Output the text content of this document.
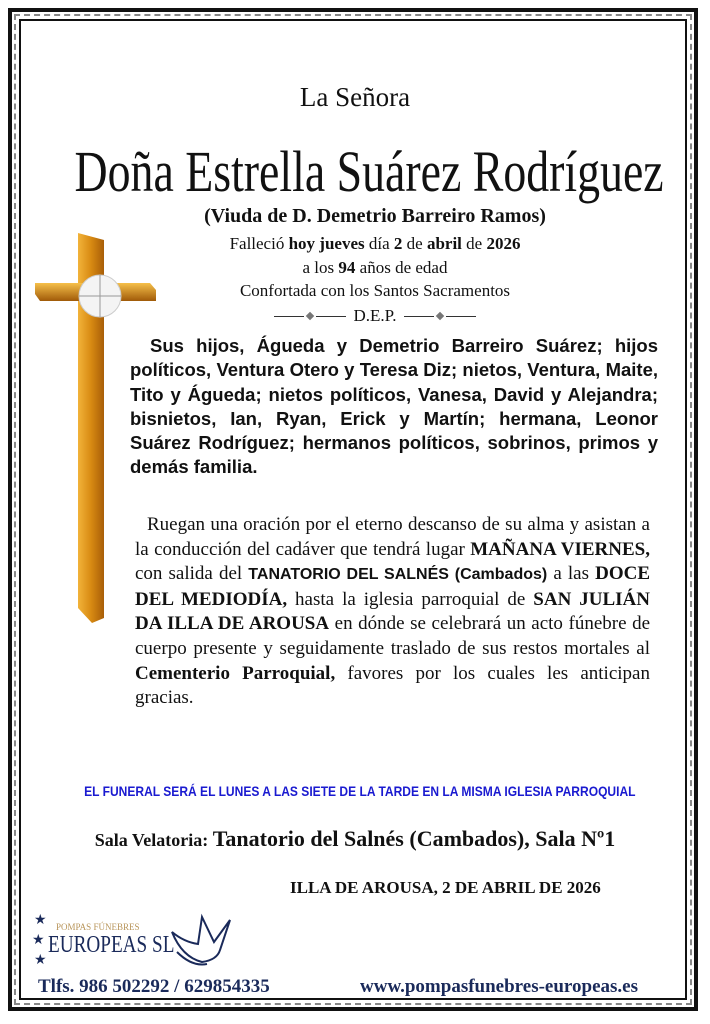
La Señora
Doña Estrella Suárez Rodríguez
(Viuda de D. Demetrio Barreiro Ramos)
Falleció hoy jueves día 2 de abril de 2026
a los 94 años de edad
Confortada con los Santos Sacramentos
D.E.P.
Sus hijos, Águeda y Demetrio Barreiro Suárez; hijos políticos, Ventura Otero y Teresa Diz; nietos, Ventura, Maite, Tito y Águeda; nietos políticos, Vanesa, David y Alejandra; bisnietos, Ian, Ryan, Erick y Martín; hermana, Leonor Suárez Rodríguez; hermanos políticos, sobrinos, primos y demás familia.
Ruegan una oración por el eterno descanso de su alma y asistan a la conducción del cadáver que tendrá lugar MAÑANA VIERNES, con salida del TANATORIO DEL SALNÉS (Cambados) a las DOCE DEL MEDIODÍA, hasta la iglesia parroquial de SAN JULIÁN DA ILLA DE AROUSA en dónde se celebrará un acto fúnebre de cuerpo presente y seguidamente traslado de sus restos mortales al Cementerio Parroquial, favores por los cuales les anticipan gracias.
EL FUNERAL SERÁ EL LUNES A LAS SIETE DE LA TARDE EN LA MISMA IGLESIA PARROQUIAL
Sala Velatoria: Tanatorio del Salnés (Cambados), Sala Nº1
ILLA DE AROUSA, 2 DE ABRIL DE 2026
★
★
★
POMPAS FÚNEBRES
EUROPEAS SL
Tlfs. 986 502292 / 629854335	www.pompasfunebres-europeas.es
